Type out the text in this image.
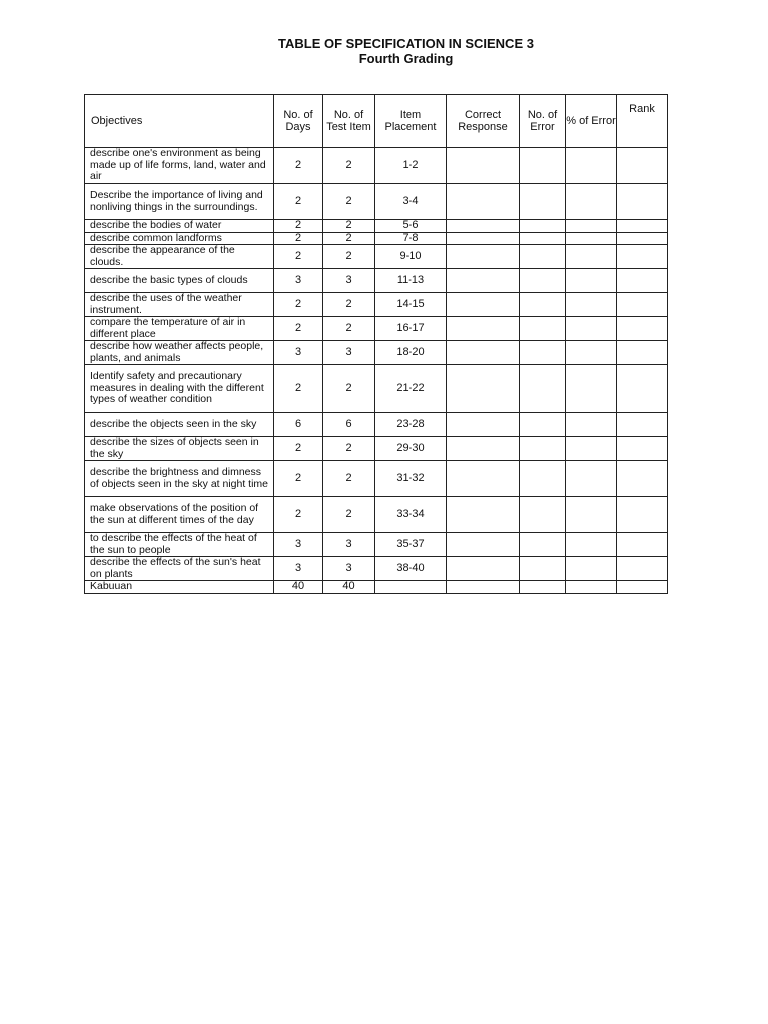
TABLE OF SPECIFICATION IN SCIENCE 3
Fourth Grading
Objectives	No. of Days	No. of Test Item	Item Placement	Correct Response	No. of Error	% of Error	Rank
describe one's environment as being made up of life forms, land, water and air	2	2	1-2				
Describe the importance of living and nonliving things in the surroundings.	2	2	3-4				
describe the bodies of water	2	2	5-6				
describe common landforms	2	2	7-8				
describe the appearance of the clouds.	2	2	9-10				
describe the basic types of clouds	3	3	11-13				
describe the uses of the weather instrument.	2	2	14-15				
compare the temperature of air in different place	2	2	16-17				
describe how weather affects people, plants, and animals	3	3	18-20				
Identify safety and precautionary measures in dealing with the different types of weather condition	2	2	21-22				
describe the objects seen in the sky	6	6	23-28				
describe the sizes of objects seen in the sky	2	2	29-30				
describe the brightness and dimness of objects seen in the sky at night time	2	2	31-32				
make observations of the position of the sun at different times of the day	2	2	33-34				
to describe the effects of the heat of the sun to people	3	3	35-37				
describe the effects of the sun's heat on plants	3	3	38-40				
Kabuuan	40	40					
